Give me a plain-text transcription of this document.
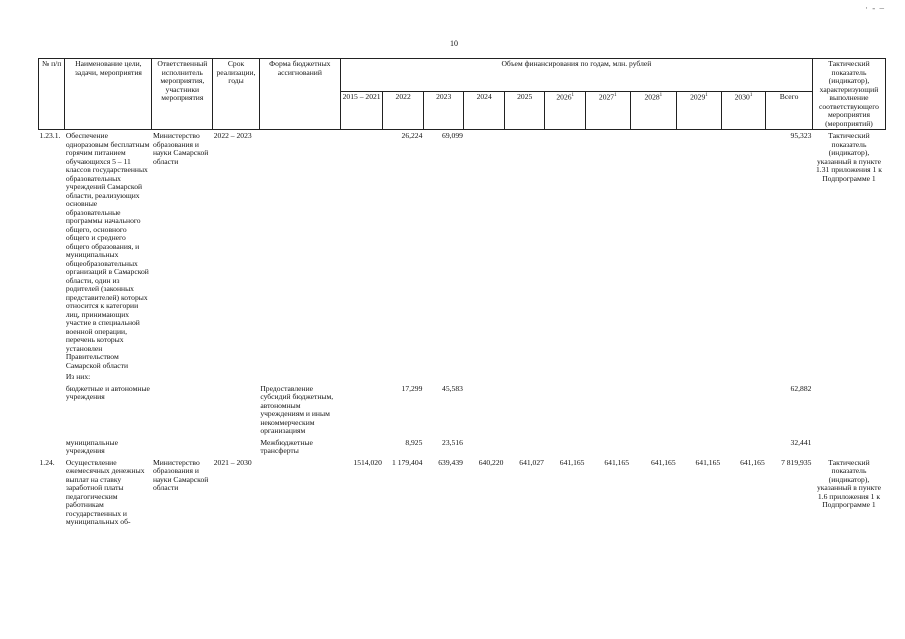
10
· - –
№ п/п	Наименование цели, задачи, мероприятия	Ответственный исполнитель мероприятия, участники мероприятия	Срок реализации, годы	Форма бюджетных ассигнований	Объем финансирования по годам, млн. рублей											Тактический показатель (индикатор), характеризующий выполнение соответствующего мероприятия (мероприятий)
					2015 – 2021	2022	2023	2024	2025	2026$^1$	2027$^1$	2028$^1$	2029$^1$	2030$^1$	Всего	
1.23.1.	Обеспечение одноразовым бесплатным горячим питанием обучающихся 5 – 11 классов государственных образовательных учреждений Самарской области, реализующих основные образовательные программы начального общего, основного общего и среднего общего образования, и муниципальных общеобразовательных организаций в Самарской области, один из родителей (законных представителей) которых относится к категории лиц, принимающих участие в специальной военной операции, перечень которых установлен Правительством Самарской области	Министерство образования и науки Самарской области	2022 – 2023			26,224	69,099								95,323	Тактический показатель (индикатор), указанный в пункте 1.31 приложения 1 к Подпрограмме 1
	Из них:															
	бюджетные и автономные учреждения			Предоставление субсидий бюджетным, автономным учреждениям и иным некоммерческим организациям		17,299	45,583								62,882	
	муниципальные учреждения			Межбюджетные трансферты		8,925	23,516								32,441	
1.24.	Осуществление ежемесячных денежных выплат на ставку заработной платы педагогическим работникам государственных и муниципальных об-	Министерство образования и науки Самарской области	2021 – 2030		1514,020	1 179,404	639,439	640,220	641,027	641,165	641,165	641,165	641,165	641,165	7 819,935	Тактический показатель (индикатор), указанный в пункте 1.6 приложения 1 к Подпрограмме 1
